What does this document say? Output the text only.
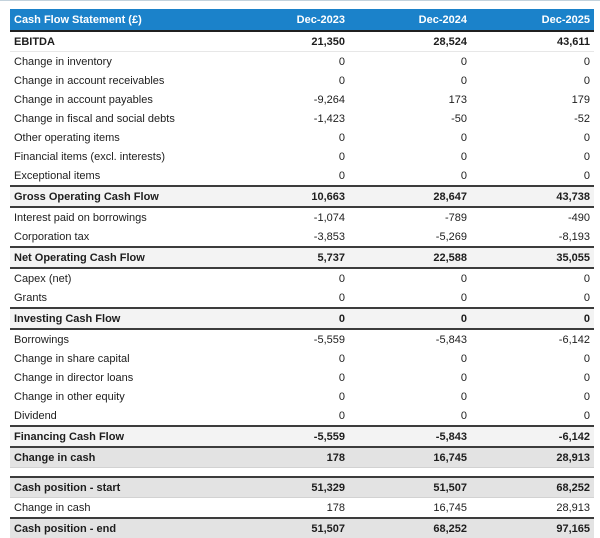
Cash Flow Statement (£)	Dec-2023	Dec-2024	Dec-2025
EBITDA	21,350	28,524	43,611
Change in inventory	0	0	0
Change in account receivables	0	0	0
Change in account payables	-9,264	173	179
Change in fiscal and social debts	-1,423	-50	-52
Other operating items	0	0	0
Financial items (excl. interests)	0	0	0
Exceptional items	0	0	0
Gross Operating Cash Flow	10,663	28,647	43,738
Interest paid on borrowings	-1,074	-789	-490
Corporation tax	-3,853	-5,269	-8,193
Net Operating Cash Flow	5,737	22,588	35,055
Capex (net)	0	0	0
Grants	0	0	0
Investing Cash Flow	0	0	0
Borrowings	-5,559	-5,843	-6,142
Change in share capital	0	0	0
Change in director loans	0	0	0
Change in other equity	0	0	0
Dividend	0	0	0
Financing Cash Flow	-5,559	-5,843	-6,142
Change in cash	178	16,745	28,913
Cash position - start	51,329	51,507	68,252
Change in cash	178	16,745	28,913
Cash position - end	51,507	68,252	97,165
